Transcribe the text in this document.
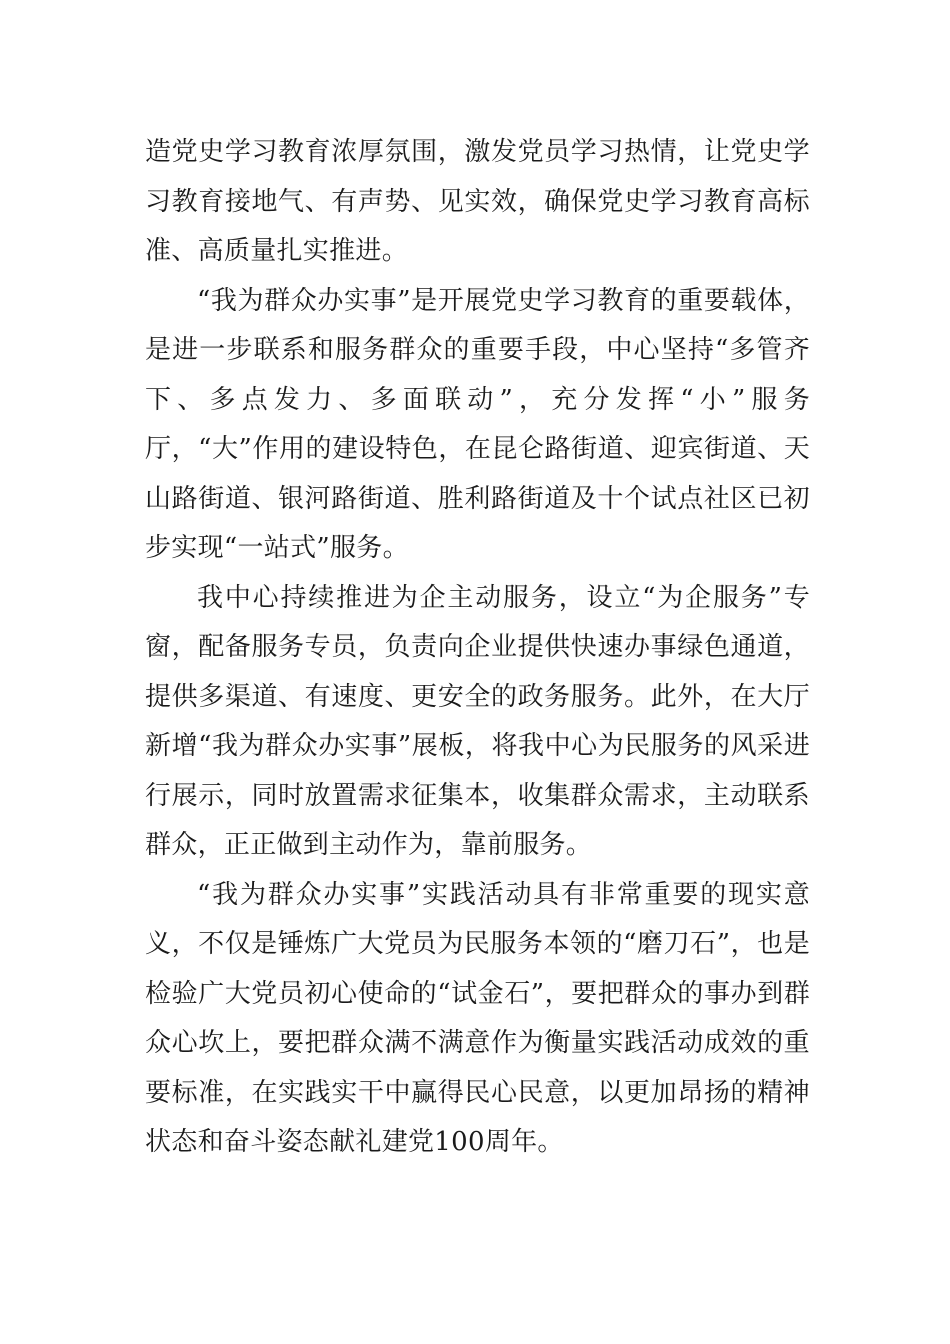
造党史学习教育浓厚氛围，激发党员学习热情，让党史学习教育接地气、有声势、见实效，确保党史学习教育高标准、高质量扎实推进。

“我为群众办实事”是开展党史学习教育的重要载体，是进一步联系和服务群众的重要手段，中心坚持“多管齐下、多点发力、多面联动”，充分发挥“小”服务厅，“大”作用的建设特色，在昆仑路街道、迎宾街道、天山路街道、银河路街道、胜利路街道及十个试点社区已初步实现“一站式”服务。

我中心持续推进为企主动服务，设立“为企服务”专窗，配备服务专员，负责向企业提供快速办事绿色通道，提供多渠道、有速度、更安全的政务服务。此外，在大厅新增“我为群众办实事”展板，将我中心为民服务的风采进行展示，同时放置需求征集本，收集群众需求，主动联系群众，正正做到主动作为，靠前服务。

“我为群众办实事”实践活动具有非常重要的现实意义，不仅是锤炼广大党员为民服务本领的“磨刀石”，也是检验广大党员初心使命的“试金石”，要把群众的事办到群众心坎上，要把群众满不满意作为衡量实践活动成效的重要标准，在实践实干中赢得民心民意，以更加昂扬的精神状态和奋斗姿态献礼建党100周年。
